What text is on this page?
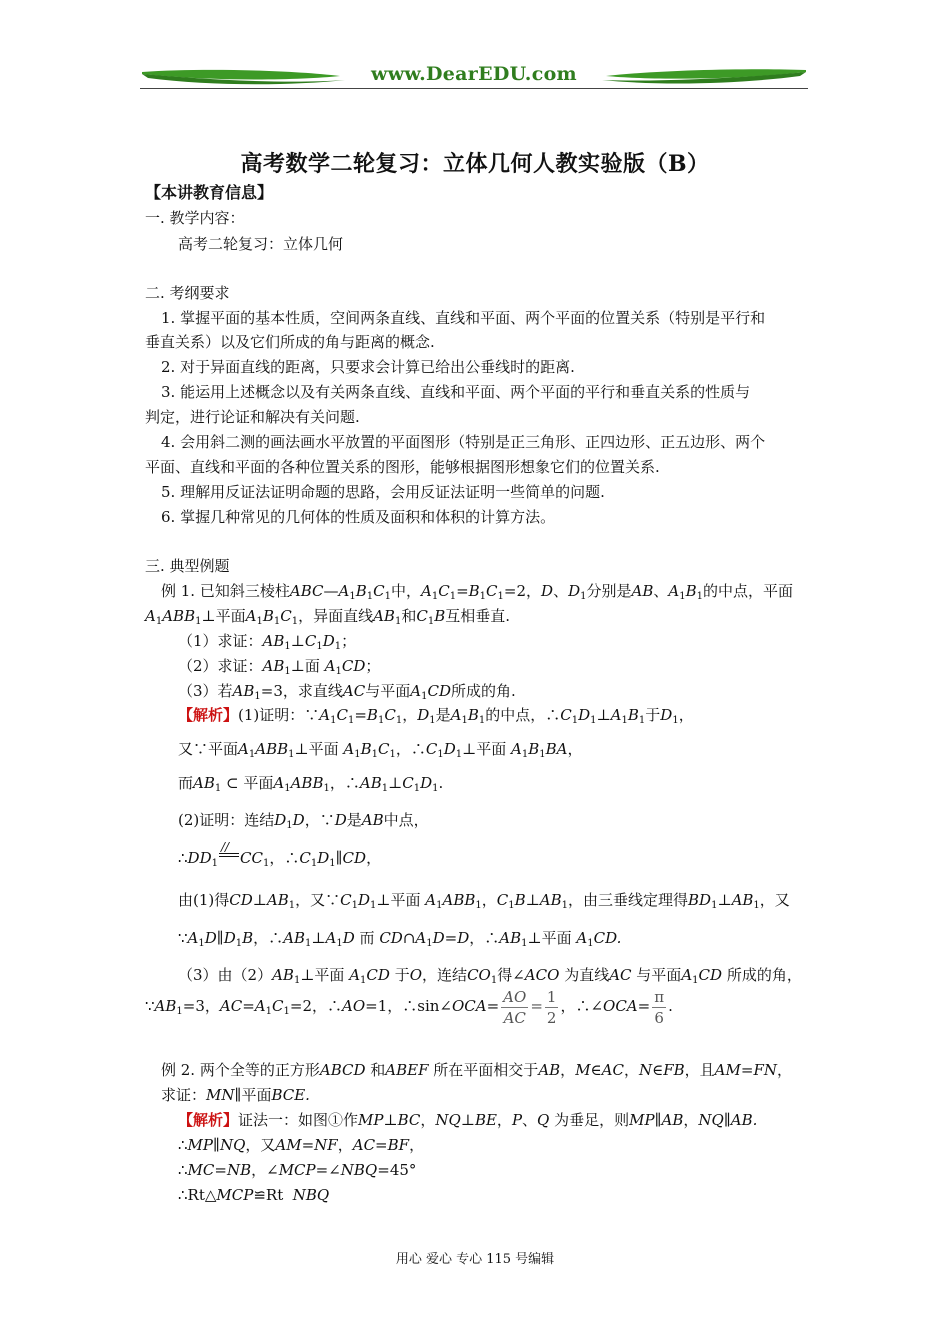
www.DearEDU.com
高考数学二轮复习：立体几何人教实验版（B）
【本讲教育信息】
一. 教学内容：
高考二轮复习：立体几何
二. 考纲要求
1. 掌握平面的基本性质，空间两条直线、直线和平面、两个平面的位置关系（特别是平行和
垂直关系）以及它们所成的角与距离的概念.
2. 对于异面直线的距离，只要求会计算已给出公垂线时的距离.
3. 能运用上述概念以及有关两条直线、直线和平面、两个平面的平行和垂直关系的性质与
判定，进行论证和解决有关问题.
4. 会用斜二测的画法画水平放置的平面图形（特别是正三角形、正四边形、正五边形、两个
平面、直线和平面的各种位置关系的图形，能够根据图形想象它们的位置关系.
5. 理解用反证法证明命题的思路，会用反证法证明一些简单的问题.
6. 掌握几种常见的几何体的性质及面积和体积的计算方法。
三. 典型例题
例 1. 已知斜三棱柱$ABC—A_1B_1C_1$中，$A_1C_1=B_1C_1=2$，D、$D_1$分别是AB、$A_1B_1$的中点，平面
$A_1ABB_1\perp$平面$A_1B_1C_1$，异面直线$AB_1$和$C_1B$互相垂直.
（1）求证：$AB_1\perp C_1D_1$；
（2）求证：$AB_1\perp$面 $A_1CD$；
（3）若$AB_1=3$，求直线AC与平面$A_1CD$所成的角.
【解析】(1)证明：$\because A_1C_1=B_1C_1$，$D_1$是$A_1B_1$的中点，$\therefore C_1D_1\perp A_1B_1$于$D_1$，
又∵平面$A_1ABB_1\perp$平面 $A_1B_1C_1$，$\therefore C_1D_1\perp$平面 $A_1B_1BA$，
而$AB_1$ ⊂ 平面$A_1ABB_1$，$\therefore AB_1\perp C_1D_1$.
(2)证明：连结$D_1D$，∵D是AB中点，
$\therefore DD_1$
//
$CC_1$，$\therefore C_1D_1\parallel CD$，
由(1)得$CD\perp AB_1$，又$\because C_1D_1\perp$平面 $A_1ABB_1$，$C_1B\perp AB_1$，由三垂线定理得$BD_1\perp AB_1$，又
$\because A_1D\parallel D_1B$，$\therefore AB_1\perp A_1D$ 而 $CD\cap A_1D=D$，$\therefore AB_1\perp$平面 $A_1CD$.
（3）由$(2)AB_1\perp$平面 $A_1CD$ 于O，连结$CO_1$得∠ACO 为直线AC 与平面$A_1CD$ 所成的角，
$\because AB_1=3$，$AC=A_1C_1=2$，∴AO=1，∴sin∠OCA= $\frac{AO}{AC} = \frac{1}{2}$ ，∴∠OCA= $\frac{\pi}{6}$ .
例 2. 两个全等的正方形ABCD 和ABEF 所在平面相交于AB，M∈AC，N∈FB，且AM=FN，
求证：MN∥平面BCE.
【解析】证法一：如图①作MP⊥BC，NQ⊥BE，P、Q 为垂足，则MP∥AB，NQ∥AB.
∴MP∥NQ，又AM=NF，AC=BF，
∴MC=NB，∠MCP=∠NBQ=45°
∴Rt△MCP≌Rt  NBQ
用心 爱心 专心 115 号编辑
